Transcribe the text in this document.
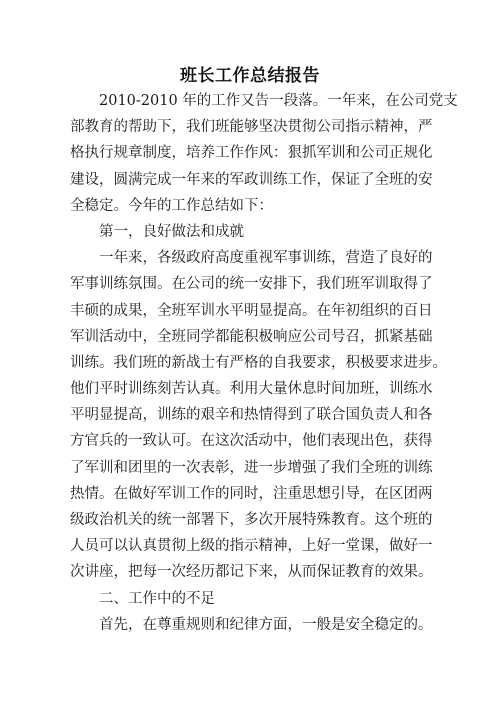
班长工作总结报告
2010-2010 年的工作又告一段落。一年来，在公司党支
部教育的帮助下，我们班能够坚决贯彻公司指示精神，严
格执行规章制度，培养工作作风：狠抓军训和公司正规化
建设，圆满完成一年来的军政训练工作，保证了全班的安
全稳定。今年的工作总结如下：
第一，良好做法和成就
一年来，各级政府高度重视军事训练，营造了良好的
军事训练氛围。在公司的统一安排下，我们班军训取得了
丰硕的成果，全班军训水平明显提高。在年初组织的百日
军训活动中，全班同学都能积极响应公司号召，抓紧基础
训练。我们班的新战士有严格的自我要求，积极要求进步。
他们平时训练刻苦认真。利用大量休息时间加班，训练水
平明显提高，训练的艰辛和热情得到了联合国负责人和各
方官兵的一致认可。在这次活动中，他们表现出色，获得
了军训和团里的一次表彰，进一步增强了我们全班的训练
热情。在做好军训工作的同时，注重思想引导，在区团两
级政治机关的统一部署下，多次开展特殊教育。这个班的
人员可以认真贯彻上级的指示精神，上好一堂课，做好一
次讲座，把每一次经历都记下来，从而保证教育的效果。
二、工作中的不足
首先，在尊重规则和纪律方面，一般是安全稳定的。
